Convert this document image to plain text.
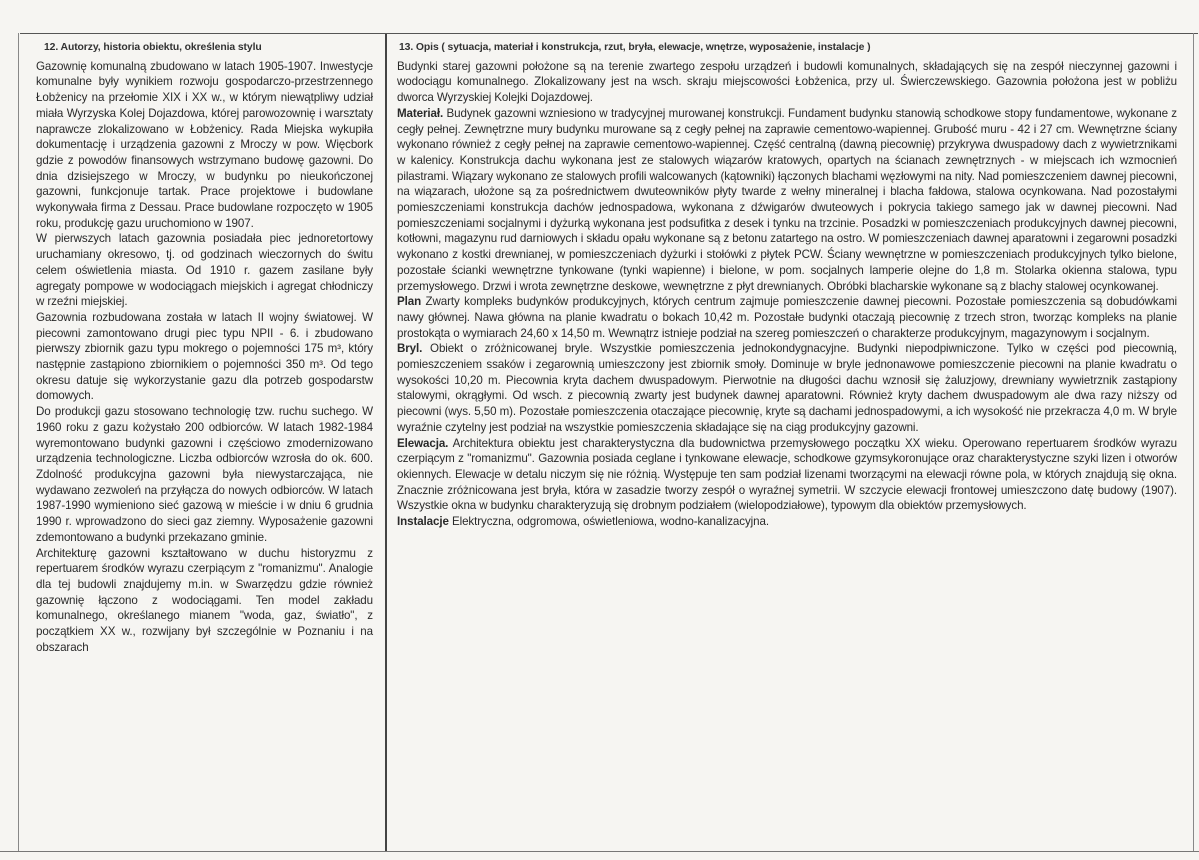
12. Autorzy, historia obiektu, określenia stylu

Gazownię komunalną zbudowano w latach 1905-1907. Inwestycje komunalne były wynikiem rozwoju gospodarczo-przestrzennego Łobżenicy na przełomie XIX i XX w., w którym niewątpliwy udział miała Wyrzyska Kolej Dojazdowa, której parowozownię i warsztaty naprawcze zlokalizowano w Łobżenicy. Rada Miejska wykupiła dokumentację i urządzenia gazowni z Mroczy w pow. Więcbork gdzie z powodów finansowych wstrzymano budowę gazowni. Do dnia dzisiejszego w Mroczy, w budynku po nieukończonej gazowni, funkcjonuje tartak. Prace projektowe i budowlane wykonywała firma z Dessau. Prace budowlane rozpoczęto w 1905 roku, produkcję gazu uruchomiono w 1907.

W pierwszych latach gazownia posiadała piec jednoretortowy uruchamiany okresowo, tj. od godzinach wieczornych do świtu celem oświetlenia miasta. Od 1910 r. gazem zasilane były agregaty pompowe w wodociągach miejskich i agregat chłodniczy w rzeźni miejskiej.

Gazownia rozbudowana została w latach II wojny światowej. W piecowni zamontowano drugi piec typu NPII - 6. i zbudowano pierwszy zbiornik gazu typu mokrego o pojemności 175 m³, który następnie zastąpiono zbiornikiem o pojemności 350 m³. Od tego okresu datuje się wykorzystanie gazu dla potrzeb gospodarstw domowych.

Do produkcji gazu stosowano technologię tzw. ruchu suchego. W 1960 roku z gazu kożystało 200 odbiorców. W latach 1982-1984 wyremontowano budynki gazowni i częściowo zmodernizowano urządzenia technologiczne. Liczba odbiorców wzrosła do ok. 600. Zdolność produkcyjna gazowni była niewystarczająca, nie wydawano zezwoleń na przyłącza do nowych odbiorców. W latach 1987-1990 wymieniono sieć gazową w mieście i w dniu 6 grudnia 1990 r. wprowadzono do sieci gaz ziemny. Wyposażenie gazowni zdemontowano a budynki przekazano gminie.

Architekturę gazowni kształtowano w duchu historyzmu z repertuarem środków wyrazu czerpiącym z "romanizmu". Analogie dla tej budowli znajdujemy m.in. w Swarzędzu gdzie również gazownię łączono z wodociągami. Ten model zakładu komunalnego, określanego mianem "woda, gaz, światło", z początkiem XX w., rozwijany był szczególnie w Poznaniu i na obszarach

13. Opis ( sytuacja, materiał i konstrukcja, rzut, bryła, elewacje, wnętrze, wyposażenie, instalacje )

Budynki starej gazowni położone są na terenie zwartego zespołu urządzeń i budowli komunalnych, składających się na zespół nieczynnej gazowni i wodociągu komunalnego. Zlokalizowany jest na wsch. skraju miejscowości Łobżenica, przy ul. Świerczewskiego. Gazownia położona jest w pobliżu dworca Wyrzyskiej Kolejki Dojazdowej.

Materiał. Budynek gazowni wzniesiono w tradycyjnej murowanej konstrukcji. Fundament budynku stanowią schodkowe stopy fundamentowe, wykonane z cegły pełnej. Zewnętrzne mury budynku murowane są z cegły pełnej na zaprawie cementowo-wapiennej. Grubość muru - 42 i 27 cm. Wewnętrzne ściany wykonano również z cegły pełnej na zaprawie cementowo-wapiennej. Część centralną (dawną piecownię) przykrywa dwuspadowy dach z wywietrznikami w kalenicy. Konstrukcja dachu wykonana jest ze stalowych wiązarów kratowych, opartych na ścianach zewnętrznych - w miejscach ich wzmocnień pilastrami. Wiązary wykonano ze stalowych profili walcowanych (kątowniki) łączonych blachami węzłowymi na nity. Nad pomieszczeniem dawnej piecowni, na wiązarach, ułożone są za pośrednictwem dwuteowników płyty twarde z wełny mineralnej i blacha fałdowa, stalowa ocynkowana. Nad pozostałymi pomieszczeniami konstrukcja dachów jednospadowa, wykonana z dźwigarów dwuteowych i pokrycia takiego samego jak w dawnej piecowni. Nad pomieszczeniami socjalnymi i dyżurką wykonana jest podsufitka z desek i tynku na trzcinie. Posadzki w pomieszczeniach produkcyjnych dawnej piecowni, kotłowni, magazynu rud darniowych i składu opału wykonane są z betonu zatartego na ostro. W pomieszczeniach dawnej aparatowni i zegarowni posadzki wykonano z kostki drewnianej, w pomieszczeniach dyżurki i stołówki z płytek PCW. Ściany wewnętrzne w pomieszczeniach produkcyjnych tylko bielone, pozostałe ścianki wewnętrzne tynkowane (tynki wapienne) i bielone, w pom. socjalnych lamperie olejne do 1,8 m. Stolarka okienna stalowa, typu przemysłowego. Drzwi i wrota zewnętrzne deskowe, wewnętrzne z płyt drewnianych. Obróbki blacharskie wykonane są z blachy stalowej ocynkowanej.

Plan Zwarty kompleks budynków produkcyjnych, których centrum zajmuje pomieszczenie dawnej piecowni. Pozostałe pomieszczenia są dobudówkami nawy głównej. Nawa główna na planie kwadratu o bokach 10,42 m. Pozostałe budynki otaczają piecownię z trzech stron, tworząc kompleks na planie prostokąta o wymiarach 24,60 x 14,50 m. Wewnątrz istnieje podział na szereg pomieszczeń o charakterze produkcyjnym, magazynowym i socjalnym.

Bryl. Obiekt o zróżnicowanej bryle. Wszystkie pomieszczenia jednokondygnacyjne. Budynki niepodpiwniczone. Tylko w części pod piecownią, pomieszczeniem ssaków i zegarownią umieszczony jest zbiornik smoły. Dominuje w bryle jednonawowe pomieszczenie piecowni na planie kwadratu o wysokości 10,20 m. Piecownia kryta dachem dwuspadowym. Pierwotnie na długości dachu wznosił się żaluzjowy, drewniany wywietrznik zastąpiony stalowymi, okrągłymi. Od wsch. z piecownią zwarty jest budynek dawnej aparatowni. Również kryty dachem dwuspadowym ale dwa razy niższy od piecowni (wys. 5,50 m). Pozostałe pomieszczenia otaczające piecownię, kryte są dachami jednospadowymi, a ich wysokość nie przekracza 4,0 m. W bryle wyraźnie czytelny jest podział na wszystkie pomieszczenia składające się na ciąg produkcyjny gazowni.

Elewacja. Architektura obiektu jest charakterystyczna dla budownictwa przemysłowego początku XX wieku. Operowano repertuarem środków wyrazu czerpiącym z "romanizmu". Gazownia posiada ceglane i tynkowane elewacje, schodkowe gzymsykoronujące oraz charakterystyczne szyki lizen i otworów okiennych. Elewacje w detalu niczym się nie różnią. Występuje ten sam podział lizenami tworzącymi na elewacji równe pola, w których znajdują się okna. Znacznie zróżnicowana jest bryła, która w zasadzie tworzy zespół o wyraźnej symetrii. W szczycie elewacji frontowej umieszczono datę budowy (1907). Wszystkie okna w budynku charakteryzują się drobnym podziałem (wielopodziałowe), typowym dla obiektów przemysłowych.

Instalacje Elektryczna, odgromowa, oświetleniowa, wodno-kanalizacyjna.
